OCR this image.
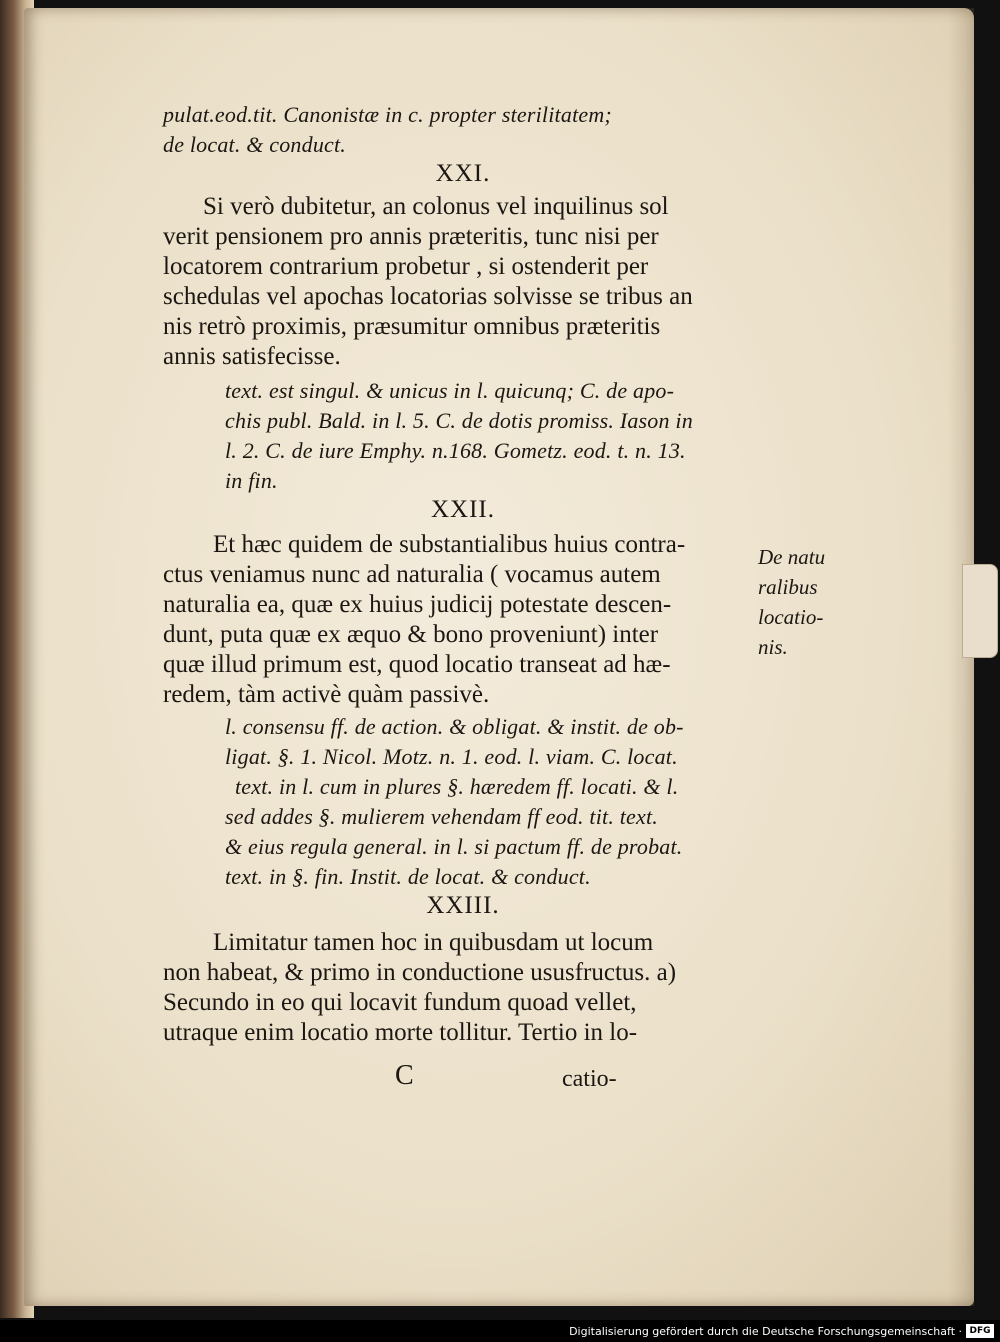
pulat.eod.tit. Canonistæ in c. propter sterilitatem;
de locat. & conduct.
XXI.
Si verò dubitetur, an colonus vel inquilinus sol
verit pensionem pro annis præteritis, tunc nisi per
locatorem contrarium probetur , si ostenderit per
schedulas vel apochas locatorias solvisse se tribus an
nis retrò proximis, præsumitur omnibus præteritis
annis satisfecisse.
text. est singul. & unicus in l. quicunq; C. de apo-
chis publ. Bald. in l. 5. C. de dotis promiss. Iason in
l. 2. C. de iure Emphy. n.168. Gometz. eod. t. n. 13.
in fin.
XXII.
Et hæc quidem de substantialibus huius contra-
ctus veniamus nunc ad naturalia ( vocamus autem
naturalia ea, quæ ex huius judicij potestate descen-
dunt, puta quæ ex æquo & bono proveniunt) inter
quæ illud primum est, quod locatio transeat ad hæ-
redem, tàm activè quàm passivè.
l. consensu ff. de action. & obligat. & instit. de ob-
ligat. §. 1. Nicol. Motz. n. 1. eod. l. viam. C. locat.
text. in l. cum in plures §. hæredem ff. locati. & l.
sed addes §. mulierem vehendam ff eod. tit. text.
& eius regula general. in l. si pactum ff. de probat.
text. in §. fin. Instit. de locat. & conduct.
XXIII.
Limitatur tamen hoc in quibusdam ut locum
non habeat, & primo in conductione ususfructus. a)
Secundo in eo qui locavit fundum quoad vellet,
utraque enim locatio morte tollitur. Tertio in lo-
De natu
ralibus
locatio-
nis.
C	catio-
Digitalisierung gefördert durch die Deutsche Forschungsgemeinschaft · DFG
